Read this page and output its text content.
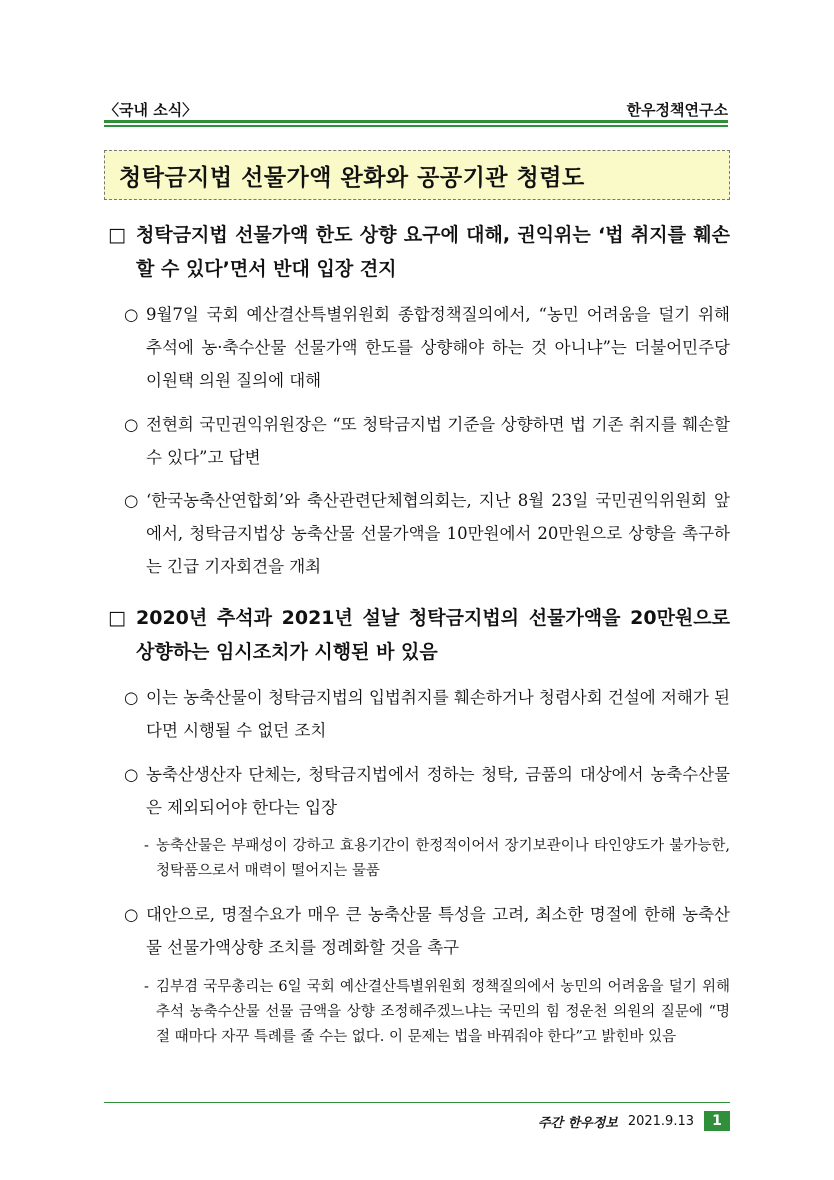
〈국내 소식〉	한우정책연구소
청탁금지법 선물가액 완화와 공공기관 청렴도
□ 청탁금지법 선물가액 한도 상향 요구에 대해, 권익위는 ‘법 취지를 훼손할 수 있다’면서 반대 입장 견지
○ 9월7일 국회 예산결산특별위원회 종합정책질의에서, “농민 어려움을 덜기 위해 추석에 농·축수산물 선물가액 한도를 상향해야 하는 것 아니냐”는 더불어민주당 이원택 의원 질의에 대해
○ 전현희 국민권익위원장은 “또 청탁금지법 기준을 상향하면 법 기존 취지를 훼손할 수 있다”고 답변
○ ‘한국농축산연합회’와 축산관련단체협의회는, 지난 8월 23일 국민권익위원회 앞에서, 청탁금지법상 농축산물 선물가액을 10만원에서 20만원으로 상향을 촉구하는 긴급 기자회견을 개최
□ 2020년 추석과 2021년 설날 청탁금지법의 선물가액을 20만원으로 상향하는 임시조치가 시행된 바 있음
○ 이는 농축산물이 청탁금지법의 입법취지를 훼손하거나 청렴사회 건설에 저해가 된다면 시행될 수 없던 조치
○ 농축산생산자 단체는, 청탁금지법에서 정하는 청탁, 금품의 대상에서 농축수산물은 제외되어야 한다는 입장
- 농축산물은 부패성이 강하고 효용기간이 한정적이어서 장기보관이나 타인양도가 불가능한, 청탁품으로서 매력이 떨어지는 물품
○ 대안으로, 명절수요가 매우 큰 농축산물 특성을 고려, 최소한 명절에 한해 농축산물 선물가액상향 조치를 정례화할 것을 촉구
- 김부겸 국무총리는 6일 국회 예산결산특별위원회 정책질의에서 농민의 어려움을 덜기 위해 추석 농축수산물 선물 금액을 상향 조정해주겠느냐는 국민의 힘 정운천 의원의 질문에 “명절 때마다 자꾸 특례를 줄 수는 없다. 이 문제는 법을 바꿔줘야 한다”고 밝힌바 있음
주간 한우정보 2021.9.13	1
